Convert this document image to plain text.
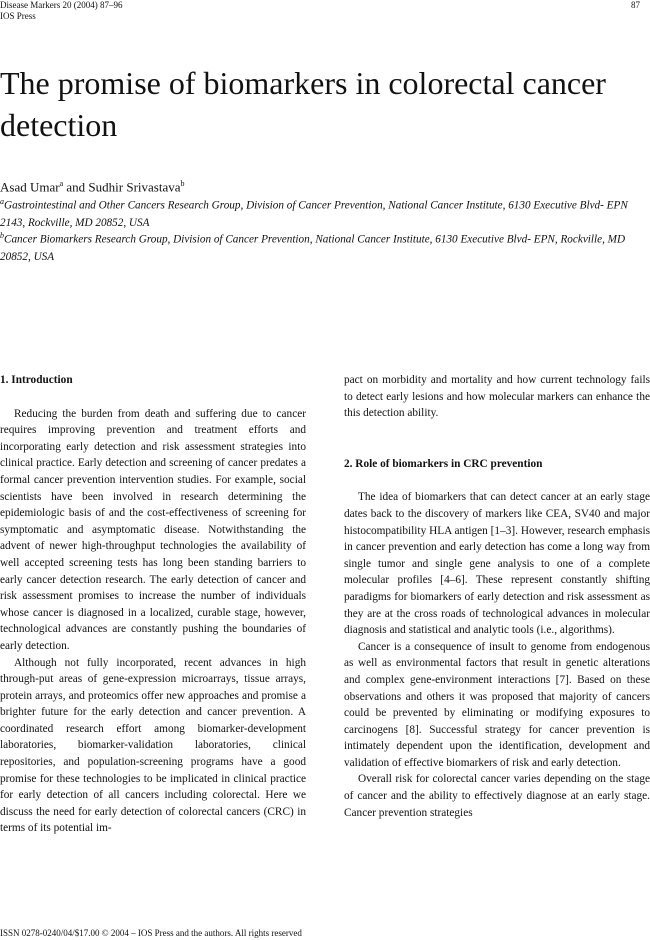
Disease Markers 20 (2004) 87–96
IOS Press
87
The promise of biomarkers in colorectal cancer detection
Asad Umar$^a$ and Sudhir Srivastava$^b$

$^a$Gastrointestinal and Other Cancers Research Group, Division of Cancer Prevention, National Cancer Institute, 6130 Executive Blvd- EPN 2143, Rockville, MD 20852, USA

$^b$Cancer Biomarkers Research Group, Division of Cancer Prevention, National Cancer Institute, 6130 Executive Blvd- EPN, Rockville, MD 20852, USA

1. Introduction

Reducing the burden from death and suffering due to cancer requires improving prevention and treatment efforts and incorporating early detection and risk assessment strategies into clinical practice. Early detection and screening of cancer predates a formal cancer prevention intervention studies. For example, social scientists have been involved in research determining the epidemiologic basis of and the cost-effectiveness of screening for symptomatic and asymptomatic disease. Notwithstanding the advent of newer high-throughput technologies the availability of well accepted screening tests has long been standing barriers to early cancer detection research. The early detection of cancer and risk assessment promises to increase the number of individuals whose cancer is diagnosed in a localized, curable stage, however, technological advances are constantly pushing the boundaries of early detection.

Although not fully incorporated, recent advances in high through-put areas of gene-expression microarrays, tissue arrays, protein arrays, and proteomics offer new approaches and promise a brighter future for the early detection and cancer prevention. A coordinated research effort among biomarker-development laboratories, biomarker-validation laboratories, clinical repositories, and population-screening programs have a good promise for these technologies to be implicated in clinical practice for early detection of all cancers including colorectal. Here we discuss the need for early detection of colorectal cancers (CRC) in terms of its potential im-

pact on morbidity and mortality and how current technology fails to detect early lesions and how molecular markers can enhance the this detection ability.

2. Role of biomarkers in CRC prevention

The idea of biomarkers that can detect cancer at an early stage dates back to the discovery of markers like CEA, SV40 and major histocompatibility HLA antigen [1–3]. However, research emphasis in cancer prevention and early detection has come a long way from single tumor and single gene analysis to one of a complete molecular profiles [4–6]. These represent constantly shifting paradigms for biomarkers of early detection and risk assessment as they are at the cross roads of technological advances in molecular diagnosis and statistical and analytic tools (i.e., algorithms).

Cancer is a consequence of insult to genome from endogenous as well as environmental factors that result in genetic alterations and complex gene-environment interactions [7]. Based on these observations and others it was proposed that majority of cancers could be prevented by eliminating or modifying exposures to carcinogens [8]. Successful strategy for cancer prevention is intimately dependent upon the identification, development and validation of effective biomarkers of risk and early detection.

Overall risk for colorectal cancer varies depending on the stage of cancer and the ability to effectively diagnose at an early stage. Cancer prevention strategies

ISSN 0278-0240/04/$17.00 © 2004 – IOS Press and the authors. All rights reserved
